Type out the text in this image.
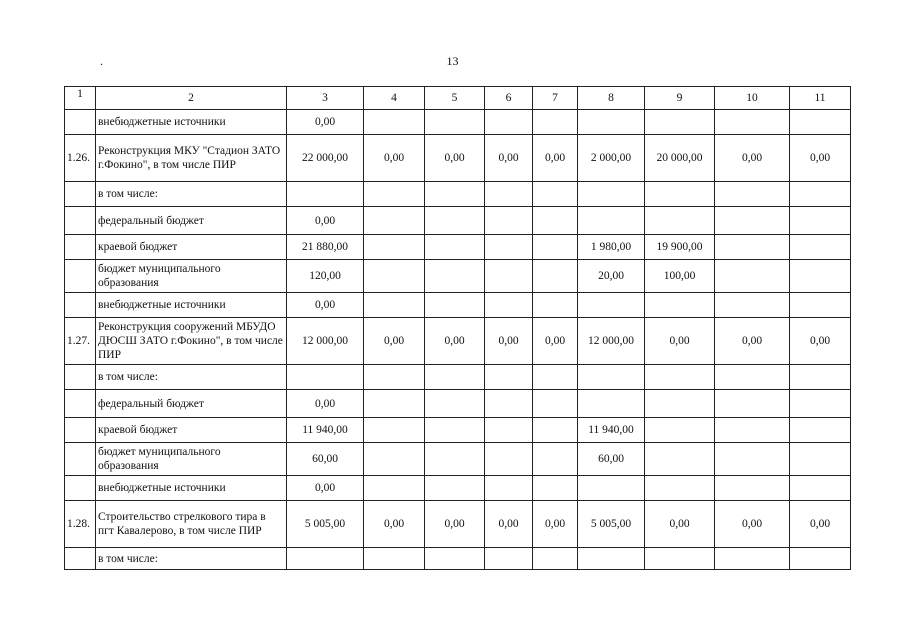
.	13
1	2	3	4	5	6	7	8	9	10	11
	внебюджетные источники	0,00								
1.26.	Реконструкция МКУ "Стадион ЗАТО г.Фокино", в том числе ПИР	22 000,00	0,00	0,00	0,00	0,00	2 000,00	20 000,00	0,00	0,00
	в том числе:									
	федеральный бюджет	0,00								
	краевой бюджет	21 880,00					1 980,00	19 900,00		
	бюджет муниципального образования	120,00					20,00	100,00		
	внебюджетные источники	0,00								
1.27.	Реконструкция сооружений МБУДО ДЮСШ ЗАТО г.Фокино", в том числе ПИР	12 000,00	0,00	0,00	0,00	0,00	12 000,00	0,00	0,00	0,00
	в том числе:									
	федеральный бюджет	0,00								
	краевой бюджет	11 940,00					11 940,00			
	бюджет муниципального образования	60,00					60,00			
	внебюджетные источники	0,00								
1.28.	Строительство стрелкового тира в пгт Кавалерово, в том числе ПИР	5 005,00	0,00	0,00	0,00	0,00	5 005,00	0,00	0,00	0,00
	в том числе:									
